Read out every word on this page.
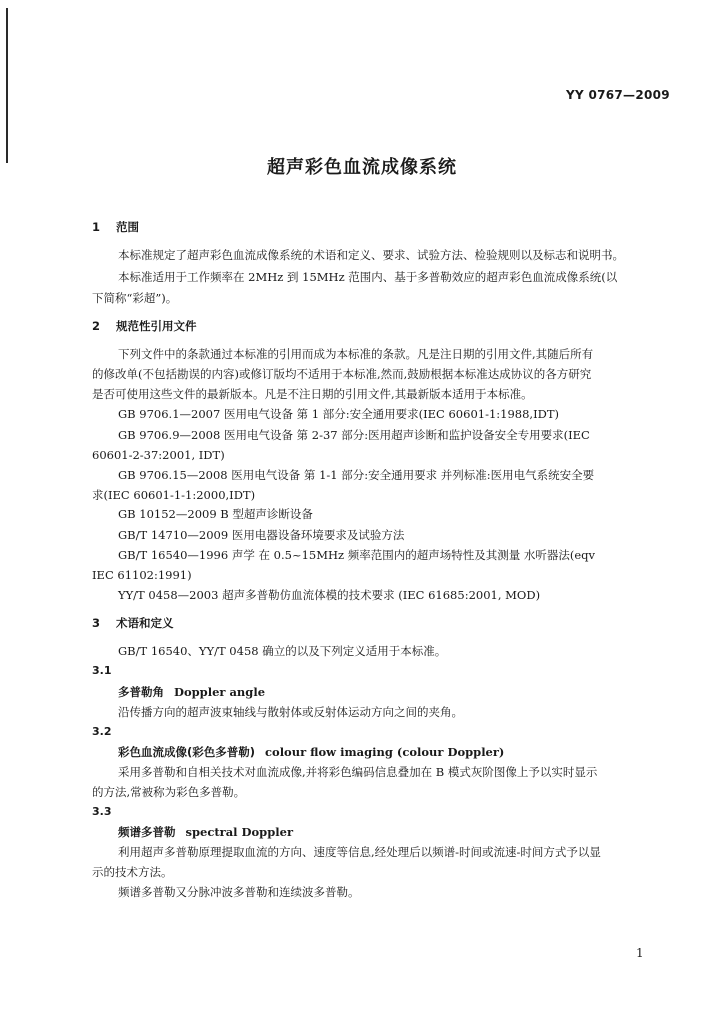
YY 0767—2009
超声彩色血流成像系统
1 范围
本标准规定了超声彩色血流成像系统的术语和定义、要求、试验方法、检验规则以及标志和说明书。
本标准适用于工作频率在 2MHz 到 15MHz 范围内、基于多普勒效应的超声彩色血流成像系统(以
下简称“彩超”)。
2 规范性引用文件
下列文件中的条款通过本标准的引用而成为本标准的条款。凡是注日期的引用文件,其随后所有
的修改单(不包括勘误的内容)或修订版均不适用于本标准,然而,鼓励根据本标准达成协议的各方研究
是否可使用这些文件的最新版本。凡是不注日期的引用文件,其最新版本适用于本标准。
GB 9706.1—2007 医用电气设备 第 1 部分:安全通用要求(IEC 60601-1:1988,IDT)
GB 9706.9—2008 医用电气设备 第 2-37 部分:医用超声诊断和监护设备安全专用要求(IEC
60601-2-37:2001, IDT)
GB 9706.15—2008 医用电气设备 第 1-1 部分:安全通用要求 并列标准:医用电气系统安全要
求(IEC 60601-1-1:2000,IDT)
GB 10152—2009 B 型超声诊断设备
GB/T 14710—2009 医用电器设备环境要求及试验方法
GB/T 16540—1996 声学 在 0.5~15MHz 频率范围内的超声场特性及其测量 水听器法(eqv
IEC 61102:1991)
YY/T 0458—2003 超声多普勒仿血流体模的技术要求 (IEC 61685:2001, MOD)
3 术语和定义
GB/T 16540、YY/T 0458 确立的以及下列定义适用于本标准。
3.1
多普勒角 Doppler angle
沿传播方向的超声波束轴线与散射体或反射体运动方向之间的夹角。
3.2
彩色血流成像(彩色多普勒) colour flow imaging (colour Doppler)
采用多普勒和自相关技术对血流成像,并将彩色编码信息叠加在 B 模式灰阶图像上予以实时显示
的方法,常被称为彩色多普勒。
3.3
频谱多普勒 spectral Doppler
利用超声多普勒原理提取血流的方向、速度等信息,经处理后以频谱-时间或流速-时间方式予以显
示的技术方法。
频谱多普勒又分脉冲波多普勒和连续波多普勒。
1
